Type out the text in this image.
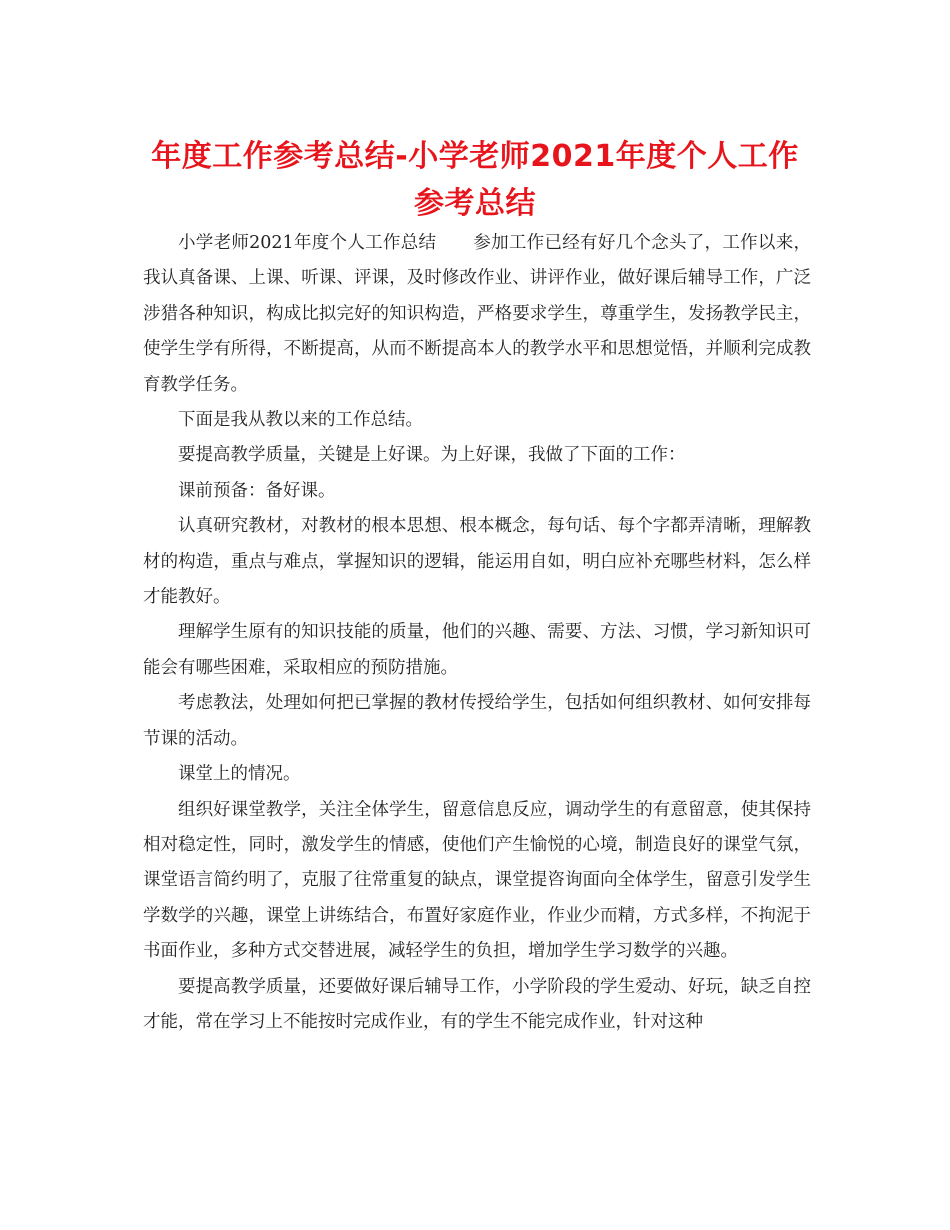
年度工作参考总结-小学老师2021年度个人工作
参考总结

小学老师2021年度个人工作总结 参加工作已经有好几个念头了，工作以来，我认真备课、上课、听课、评课，及时修改作业、讲评作业，做好课后辅导工作，广泛涉猎各种知识，构成比拟完好的知识构造，严格要求学生，尊重学生，发扬教学民主，使学生学有所得，不断提高，从而不断提高本人的教学水平和思想觉悟，并顺利完成教育教学任务。

下面是我从教以来的工作总结。

要提高教学质量，关键是上好课。为上好课，我做了下面的工作：

课前预备：备好课。

认真研究教材，对教材的根本思想、根本概念，每句话、每个字都弄清晰，理解教材的构造，重点与难点，掌握知识的逻辑，能运用自如，明白应补充哪些材料，怎么样才能教好。

理解学生原有的知识技能的质量，他们的兴趣、需要、方法、习惯，学习新知识可能会有哪些困难，采取相应的预防措施。

考虑教法，处理如何把已掌握的教材传授给学生，包括如何组织教材、如何安排每节课的活动。

课堂上的情况。

组织好课堂教学，关注全体学生，留意信息反应，调动学生的有意留意，使其保持相对稳定性，同时，激发学生的情感，使他们产生愉悦的心境，制造良好的课堂气氛，课堂语言简约明了，克服了往常重复的缺点，课堂提咨询面向全体学生，留意引发学生学数学的兴趣，课堂上讲练结合，布置好家庭作业，作业少而精，方式多样，不拘泥于书面作业，多种方式交替进展，减轻学生的负担，增加学生学习数学的兴趣。

要提高教学质量，还要做好课后辅导工作，小学阶段的学生爱动、好玩，缺乏自控才能，常在学习上不能按时完成作业，有的学生不能完成作业，针对这种
